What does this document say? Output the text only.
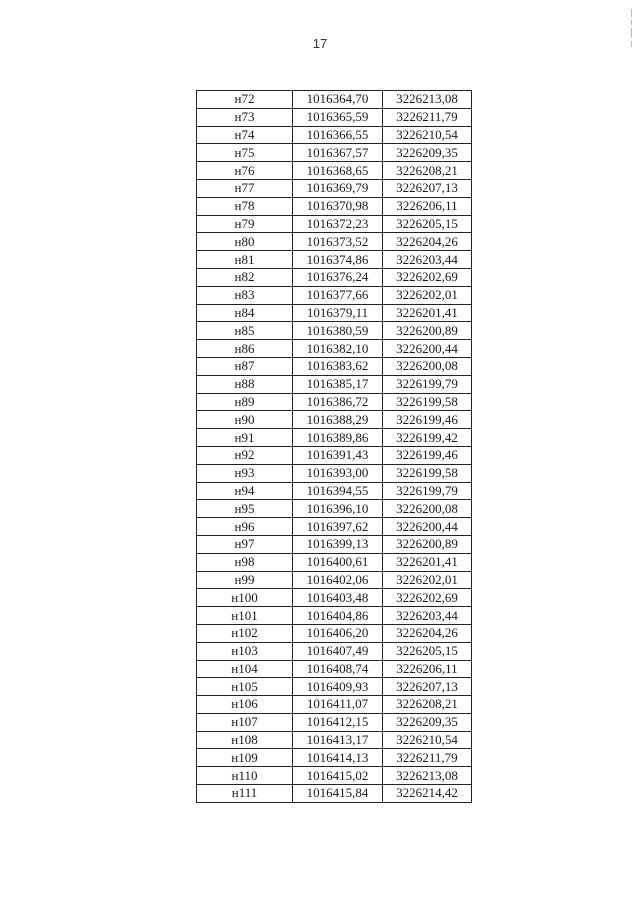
17
н72	1016364,70	3226213,08
н73	1016365,59	3226211,79
н74	1016366,55	3226210,54
н75	1016367,57	3226209,35
н76	1016368,65	3226208,21
н77	1016369,79	3226207,13
н78	1016370,98	3226206,11
н79	1016372,23	3226205,15
н80	1016373,52	3226204,26
н81	1016374,86	3226203,44
н82	1016376,24	3226202,69
н83	1016377,66	3226202,01
н84	1016379,11	3226201,41
н85	1016380,59	3226200,89
н86	1016382,10	3226200,44
н87	1016383,62	3226200,08
н88	1016385,17	3226199,79
н89	1016386,72	3226199,58
н90	1016388,29	3226199,46
н91	1016389,86	3226199,42
н92	1016391,43	3226199,46
н93	1016393,00	3226199,58
н94	1016394,55	3226199,79
н95	1016396,10	3226200,08
н96	1016397,62	3226200,44
н97	1016399,13	3226200,89
н98	1016400,61	3226201,41
н99	1016402,06	3226202,01
н100	1016403,48	3226202,69
н101	1016404,86	3226203,44
н102	1016406,20	3226204,26
н103	1016407,49	3226205,15
н104	1016408,74	3226206,11
н105	1016409,93	3226207,13
н106	1016411,07	3226208,21
н107	1016412,15	3226209,35
н108	1016413,17	3226210,54
н109	1016414,13	3226211,79
н110	1016415,02	3226213,08
н111	1016415,84	3226214,42
